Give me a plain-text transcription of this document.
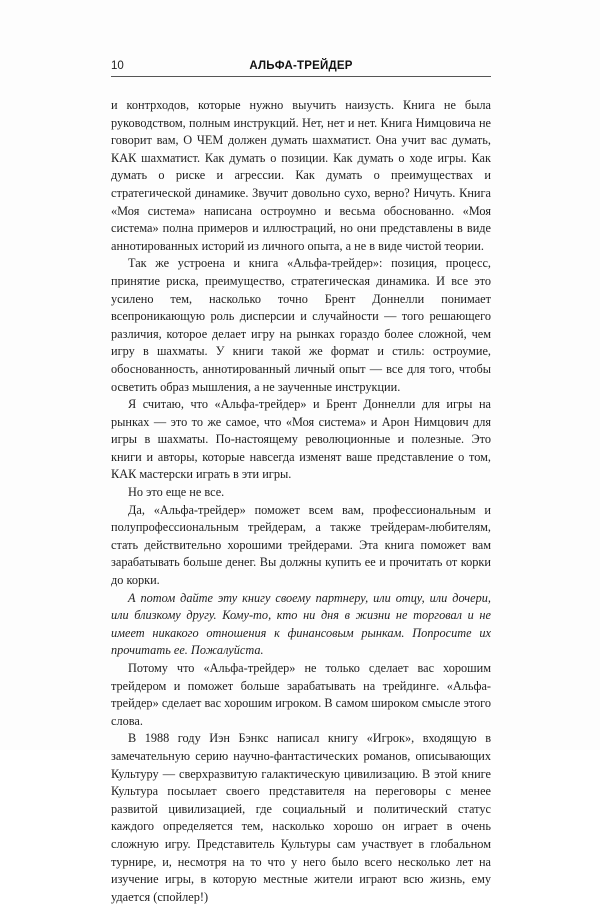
10	АЛЬФА-ТРЕЙДЕР

и контрходов, которые нужно выучить наизусть. Книга не была руководством, полным инструкций. Нет, нет и нет. Книга Нимцовича не говорит вам, О ЧЕМ должен думать шахматист. Она учит вас думать, КАК шахматист. Как думать о позиции. Как думать о ходе игры. Как думать о риске и агрессии. Как думать о преимуществах и стратегической динамике. Звучит довольно сухо, верно? Ничуть. Книга «Моя система» написана остроумно и весьма обоснованно. «Моя система» полна примеров и иллюстраций, но они представлены в виде аннотированных историй из личного опыта, а не в виде чистой теории.

Так же устроена и книга «Альфа-трейдер»: позиция, процесс, принятие риска, преимущество, стратегическая динамика. И все это усилено тем, насколько точно Брент Доннелли понимает всепроникающую роль дисперсии и случайности — того решающего различия, которое делает игру на рынках гораздо более сложной, чем игру в шахматы. У книги такой же формат и стиль: остроумие, обоснованность, аннотированный личный опыт — все для того, чтобы осветить образ мышления, а не заученные инструкции.

Я считаю, что «Альфа-трейдер» и Брент Доннелли для игры на рынках — это то же самое, что «Моя система» и Арон Нимцович для игры в шахматы. По-настоящему революционные и полезные. Это книги и авторы, которые навсегда изменят ваше представление о том, КАК мастерски играть в эти игры.

Но это еще не все.

Да, «Альфа-трейдер» поможет всем вам, профессиональным и полупрофессиональным трейдерам, а также трейдерам-любителям, стать действительно хорошими трейдерами. Эта книга поможет вам зарабатывать больше денег. Вы должны купить ее и прочитать от корки до корки.

А потом дайте эту книгу своему партнеру, или отцу, или дочери, или близкому другу. Кому-то, кто ни дня в жизни не торговал и не имеет никакого отношения к финансовым рынкам. Попросите их прочитать ее. Пожалуйста.

Потому что «Альфа-трейдер» не только сделает вас хорошим трейдером и поможет больше зарабатывать на трейдинге. «Альфа-трейдер» сделает вас хорошим игроком. В самом широком смысле этого слова.

В 1988 году Иэн Бэнкс написал книгу «Игрок», входящую в замечательную серию научно-фантастических романов, описывающих Культуру — сверхразвитую галактическую цивилизацию. В этой книге Культура посылает своего представителя на переговоры с менее развитой цивилизацией, где социальный и политический статус каждого определяется тем, насколько хорошо он играет в очень сложную игру. Представитель Культуры сам участвует в глобальном турнире, и, несмотря на то что у него было всего несколько лет на изучение игры, в которую местные жители играют всю жизнь, ему удается (спойлер!)
